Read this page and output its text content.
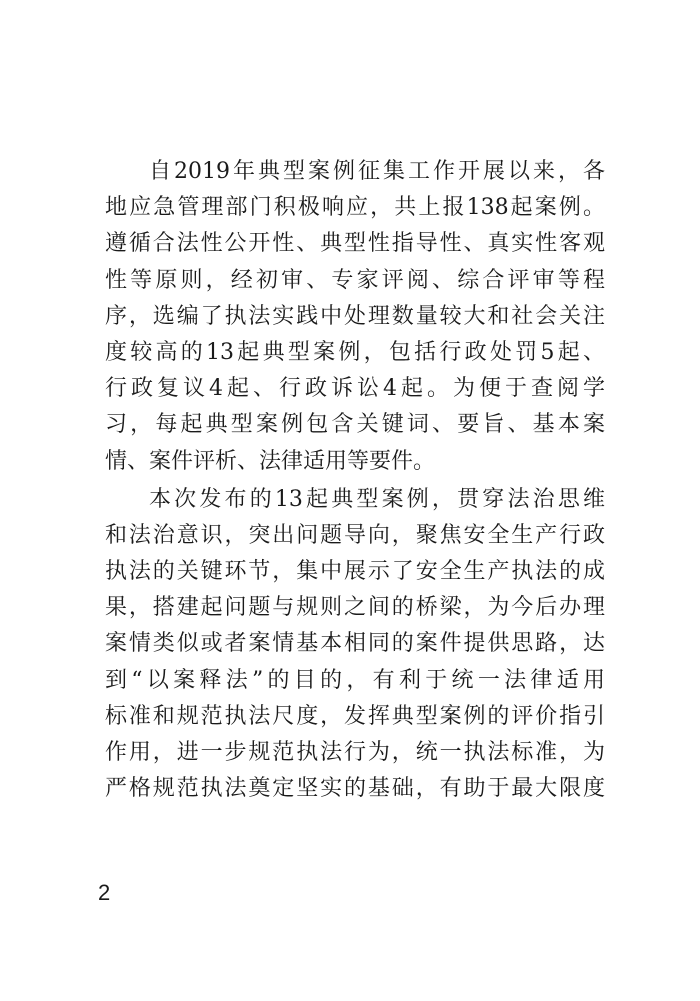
自2019年典型案例征集工作开展以来，各
地应急管理部门积极响应，共上报138起案例。
遵循合法性公开性、典型性指导性、真实性客观
性等原则，经初审、专家评阅、综合评审等程
序，选编了执法实践中处理数量较大和社会关注
度较高的13起典型案例，包括行政处罚5起、
行政复议4起、行政诉讼4起。为便于查阅学
习，每起典型案例包含关键词、要旨、基本案
情、案件评析、法律适用等要件。
本次发布的13起典型案例，贯穿法治思维
和法治意识，突出问题导向，聚焦安全生产行政
执法的关键环节，集中展示了安全生产执法的成
果，搭建起问题与规则之间的桥梁，为今后办理
案情类似或者案情基本相同的案件提供思路，达
到“以案释法”的目的，有利于统一法律适用
标准和规范执法尺度，发挥典型案例的评价指引
作用，进一步规范执法行为，统一执法标准，为
严格规范执法奠定坚实的基础，有助于最大限度
2
